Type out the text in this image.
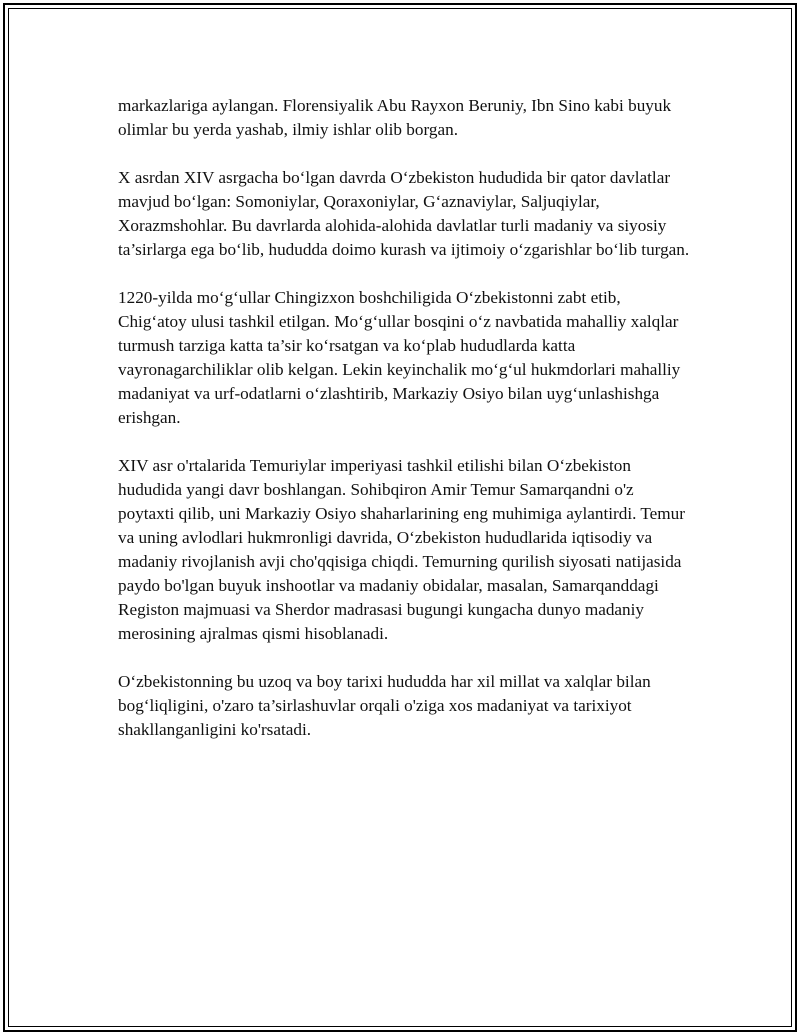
markazlariga aylangan. Florensiyalik Abu Rayxon Beruniy, Ibn Sino kabi buyuk olimlar bu yerda yashab, ilmiy ishlar olib borgan.

X asrdan XIV asrgacha bo‘lgan davrda O‘zbekiston hududida bir qator davlatlar mavjud bo‘lgan: Somoniylar, Qoraxoniylar, G‘aznaviylar, Saljuqiylar, Xorazmshohlar. Bu davrlarda alohida-alohida davlatlar turli madaniy va siyosiy ta’sirlarga ega bo‘lib, hududda doimo kurash va ijtimoiy o‘zgarishlar bo‘lib turgan.

1220-yilda mo‘g‘ullar Chingizxon boshchiligida O‘zbekistonni zabt etib, Chig‘atoy ulusi tashkil etilgan. Mo‘g‘ullar bosqini o‘z navbatida mahalliy xalqlar turmush tarziga katta ta’sir ko‘rsatgan va ko‘plab hududlarda katta vayronagarchiliklar olib kelgan. Lekin keyinchalik mo‘g‘ul hukmdorlari mahalliy madaniyat va urf-odatlarni o‘zlashtirib, Markaziy Osiyo bilan uyg‘unlashishga erishgan.

XIV asr o'rtalarida Temuriylar imperiyasi tashkil etilishi bilan O‘zbekiston hududida yangi davr boshlangan. Sohibqiron Amir Temur Samarqandni o'z poytaxti qilib, uni Markaziy Osiyo shaharlarining eng muhimiga aylantirdi. Temur va uning avlodlari hukmronligi davrida, O‘zbekiston hududlarida iqtisodiy va madaniy rivojlanish avji cho'qqisiga chiqdi. Temurning qurilish siyosati natijasida paydo bo'lgan buyuk inshootlar va madaniy obidalar, masalan, Samarqanddagi Registon majmuasi va Sherdor madrasasi bugungi kungacha dunyo madaniy merosining ajralmas qismi hisoblanadi.

O‘zbekistonning bu uzoq va boy tarixi hududda har xil millat va xalqlar bilan bog‘liqligini, o'zaro ta’sirlashuvlar orqali o'ziga xos madaniyat va tarixiyot shakllanganligini ko'rsatadi.
